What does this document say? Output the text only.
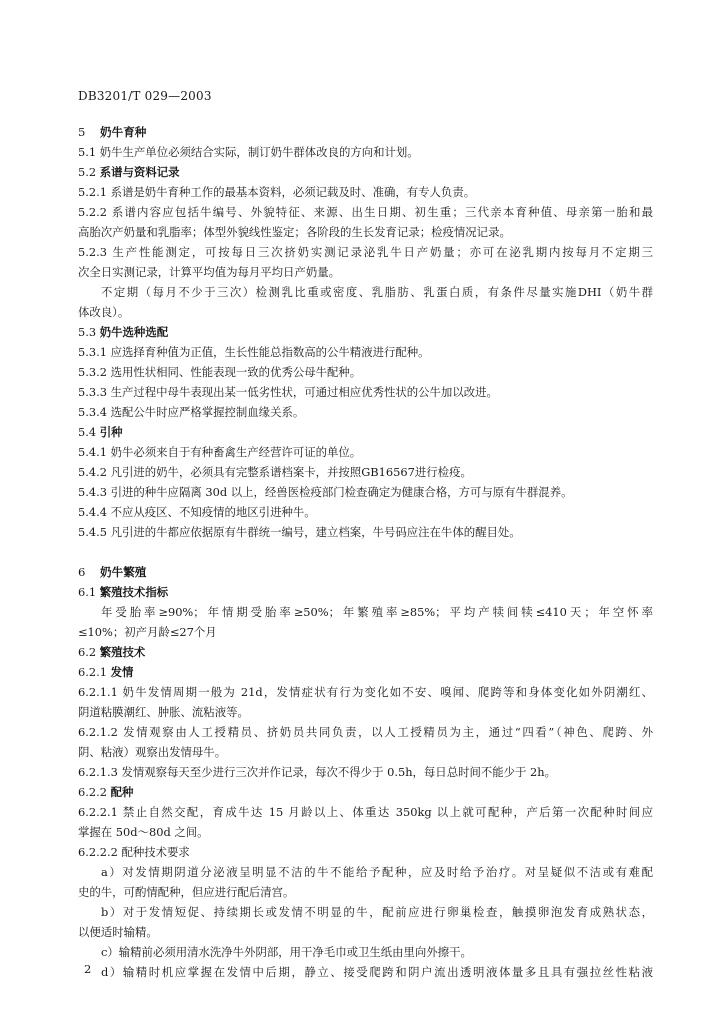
DB3201/T 029—2003
5 奶牛育种
5.1 奶牛生产单位必须结合实际，制订奶牛群体改良的方向和计划。
5.2 系谱与资料记录
5.2.1 系谱是奶牛育种工作的最基本资料，必须记载及时、准确，有专人负责。
5.2.2 系谱内容应包括牛编号、外貌特征、来源、出生日期、初生重；三代亲本育种值、母亲第一胎和最
高胎次产奶量和乳脂率；体型外貌线性鉴定；各阶段的生长发育记录；检疫情况记录。
5.2.3 生产性能测定，可按每日三次挤奶实测记录泌乳牛日产奶量；亦可在泌乳期内按每月不定期三
次全日实测记录，计算平均值为每月平均日产奶量。
不定期（每月不少于三次）检测乳比重或密度、乳脂肪、乳蛋白质，有条件尽量实施DHI（奶牛群
体改良）。
5.3 奶牛选种选配
5.3.1 应选择育种值为正值，生长性能总指数高的公牛精液进行配种。
5.3.2 选用性状相同、性能表现一致的优秀公母牛配种。
5.3.3 生产过程中母牛表现出某一低劣性状，可通过相应优秀性状的公牛加以改进。
5.3.4 选配公牛时应严格掌握控制血缘关系。
5.4 引种
5.4.1 奶牛必须来自于有种畜禽生产经营许可证的单位。
5.4.2 凡引进的奶牛，必须具有完整系谱档案卡，并按照GB16567进行检疫。
5.4.3 引进的种牛应隔离 30d 以上，经兽医检疫部门检查确定为健康合格，方可与原有牛群混养。
5.4.4 不应从疫区、不知疫情的地区引进种牛。
5.4.5 凡引进的牛都应依据原有牛群统一编号，建立档案，牛号码应注在牛体的醒目处。
6 奶牛繁殖
6.1 繁殖技术指标
年受胎率≥90%；年情期受胎率≥50%；年繁殖率≥85%；平均产犊间犊≤410天；年空怀率
≤10%；初产月龄≤27个月
6.2 繁殖技术
6.2.1 发情
6.2.1.1 奶牛发情周期一般为 21d，发情症状有行为变化如不安、嗅闻、爬跨等和身体变化如外阴潮红、
阴道粘膜潮红、肿胀、流粘液等。
6.2.1.2 发情观察由人工授精员、挤奶员共同负责，以人工授精员为主，通过“四看”（神色、爬跨、外
阴、粘液）观察出发情母牛。
6.2.1.3 发情观察每天至少进行三次并作记录，每次不得少于 0.5h，每日总时间不能少于 2h。
6.2.2 配种
6.2.2.1 禁止自然交配，育成牛达 15 月龄以上、体重达 350kg 以上就可配种，产后第一次配种时间应
掌握在 50d～80d 之间。
6.2.2.2 配种技术要求
a）对发情期阴道分泌液呈明显不洁的牛不能给予配种，应及时给予治疗。对呈疑似不洁或有难配
史的牛，可酌情配种，但应进行配后清宫。
b）对于发情短促、持续期长或发情不明显的牛，配前应进行卵巢检查，触摸卵泡发育成熟状态，
以便适时输精。
c）输精前必须用清水洗净牛外阴部，用干净毛巾或卫生纸由里向外擦干。
d）输精时机应掌握在发情中后期，静立、接受爬跨和阴户流出透明液体量多且具有强拉丝性粘液
2
